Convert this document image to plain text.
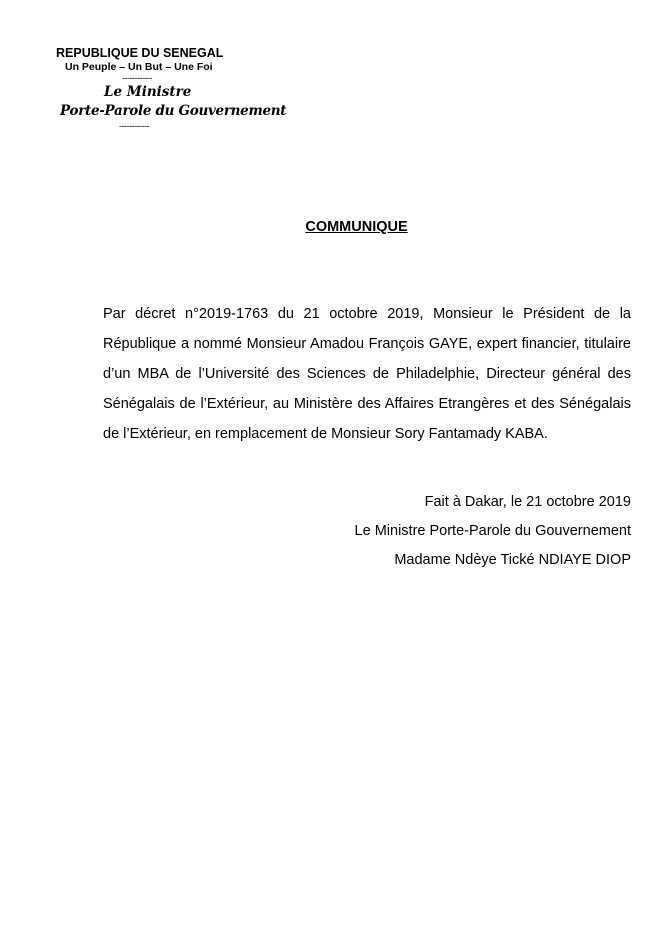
REPUBLIQUE DU SENEGAL
Un Peuple – Un But – Une Foi
------------
Le Ministre
Porte-Parole du Gouvernement
------------
COMMUNIQUE
Par décret n°2019-1763 du 21 octobre 2019, Monsieur le Président de la République a nommé Monsieur Amadou François GAYE, expert financier, titulaire d’un MBA de l’Université des Sciences de Philadelphie, Directeur général des Sénégalais de l’Extérieur, au Ministère des Affaires Etrangères et des Sénégalais de l’Extérieur, en remplacement de Monsieur Sory Fantamady KABA.
Fait à Dakar, le 21 octobre 2019
Le Ministre Porte-Parole du Gouvernement
Madame Ndèye Tické NDIAYE DIOP
